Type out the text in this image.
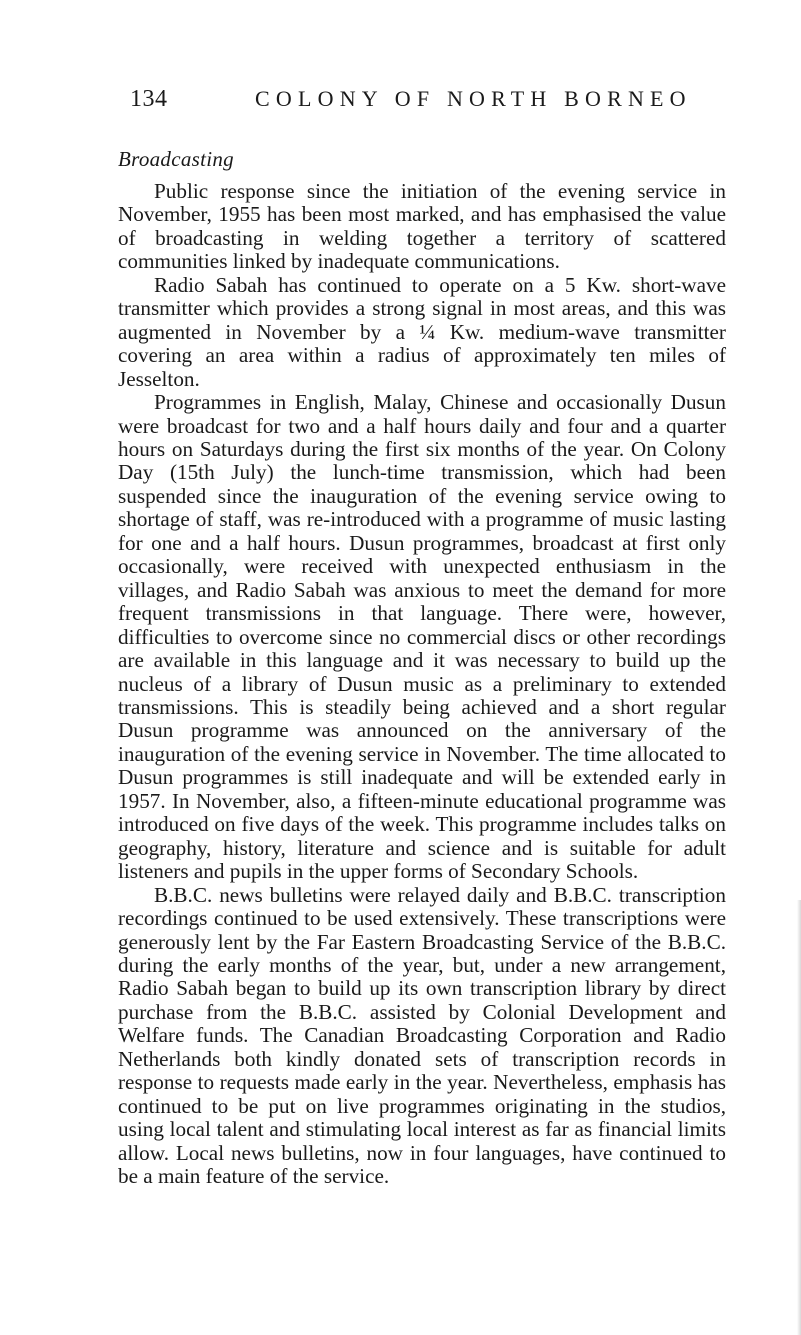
134	COLONY OF NORTH BORNEO
Broadcasting

Public response since the initiation of the evening service in November, 1955 has been most marked, and has emphasised the value of broadcasting in welding together a territory of scattered communities linked by inadequate communications.

Radio Sabah has continued to operate on a 5 Kw. short-wave transmitter which provides a strong signal in most areas, and this was augmented in November by a ¼ Kw. medium-wave transmitter covering an area within a radius of approximately ten miles of Jesselton.

Programmes in English, Malay, Chinese and occasionally Dusun were broadcast for two and a half hours daily and four and a quarter hours on Saturdays during the first six months of the year. On Colony Day (15th July) the lunch-time transmission, which had been suspended since the inauguration of the evening service owing to shortage of staff, was re-introduced with a programme of music lasting for one and a half hours. Dusun programmes, broadcast at first only occasionally, were received with unexpected enthusiasm in the villages, and Radio Sabah was anxious to meet the demand for more frequent transmissions in that language. There were, however, difficulties to overcome since no commercial discs or other recordings are available in this language and it was necessary to build up the nucleus of a library of Dusun music as a preliminary to extended transmissions. This is steadily being achieved and a short regular Dusun programme was announced on the anniversary of the inauguration of the evening service in November. The time allocated to Dusun programmes is still inadequate and will be extended early in 1957. In November, also, a fifteen-minute educational programme was introduced on five days of the week. This programme includes talks on geography, history, literature and science and is suitable for adult listeners and pupils in the upper forms of Secondary Schools.

B.B.C. news bulletins were relayed daily and B.B.C. transcription recordings continued to be used extensively. These transcriptions were generously lent by the Far Eastern Broadcasting Service of the B.B.C. during the early months of the year, but, under a new arrangement, Radio Sabah began to build up its own transcription library by direct purchase from the B.B.C. assisted by Colonial Development and Welfare funds. The Canadian Broadcasting Corporation and Radio Netherlands both kindly donated sets of transcription records in response to requests made early in the year. Nevertheless, emphasis has continued to be put on live programmes originating in the studios, using local talent and stimulating local interest as far as financial limits allow. Local news bulletins, now in four languages, have continued to be a main feature of the service.
